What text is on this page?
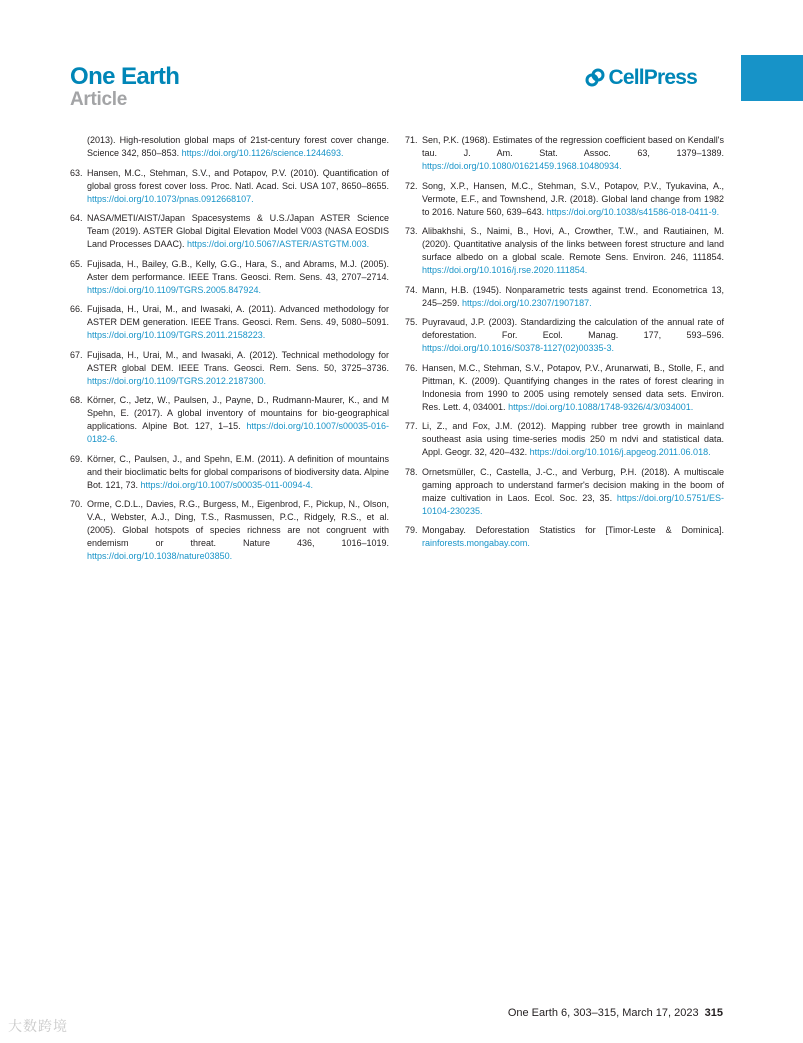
One Earth
Article
CellPress
(2013). High-resolution global maps of 21st-century forest cover change. Science 342, 850–853. https://doi.org/10.1126/science.1244693.
63. Hansen, M.C., Stehman, S.V., and Potapov, P.V. (2010). Quantification of global gross forest cover loss. Proc. Natl. Acad. Sci. USA 107, 8650–8655. https://doi.org/10.1073/pnas.0912668107.
64. NASA/METI/AIST/Japan Spacesystems & U.S./Japan ASTER Science Team (2019). ASTER Global Digital Elevation Model V003 (NASA EOSDIS Land Processes DAAC). https://doi.org/10.5067/ASTER/ASTGTM.003.
65. Fujisada, H., Bailey, G.B., Kelly, G.G., Hara, S., and Abrams, M.J. (2005). Aster dem performance. IEEE Trans. Geosci. Rem. Sens. 43, 2707–2714. https://doi.org/10.1109/TGRS.2005.847924.
66. Fujisada, H., Urai, M., and Iwasaki, A. (2011). Advanced methodology for ASTER DEM generation. IEEE Trans. Geosci. Rem. Sens. 49, 5080–5091. https://doi.org/10.1109/TGRS.2011.2158223.
67. Fujisada, H., Urai, M., and Iwasaki, A. (2012). Technical methodology for ASTER global DEM. IEEE Trans. Geosci. Rem. Sens. 50, 3725–3736. https://doi.org/10.1109/TGRS.2012.2187300.
68. Körner, C., Jetz, W., Paulsen, J., Payne, D., Rudmann-Maurer, K., and M Spehn, E. (2017). A global inventory of mountains for bio-geographical applications. Alpine Bot. 127, 1–15. https://doi.org/10.1007/s00035-016-0182-6.
69. Körner, C., Paulsen, J., and Spehn, E.M. (2011). A definition of mountains and their bioclimatic belts for global comparisons of biodiversity data. Alpine Bot. 121, 73. https://doi.org/10.1007/s00035-011-0094-4.
70. Orme, C.D.L., Davies, R.G., Burgess, M., Eigenbrod, F., Pickup, N., Olson, V.A., Webster, A.J., Ding, T.S., Rasmussen, P.C., Ridgely, R.S., et al. (2005). Global hotspots of species richness are not congruent with endemism or threat. Nature 436, 1016–1019. https://doi.org/10.1038/nature03850.
71. Sen, P.K. (1968). Estimates of the regression coefficient based on Kendall's tau. J. Am. Stat. Assoc. 63, 1379–1389. https://doi.org/10.1080/01621459.1968.10480934.
72. Song, X.P., Hansen, M.C., Stehman, S.V., Potapov, P.V., Tyukavina, A., Vermote, E.F., and Townshend, J.R. (2018). Global land change from 1982 to 2016. Nature 560, 639–643. https://doi.org/10.1038/s41586-018-0411-9.
73. Alibakhshi, S., Naimi, B., Hovi, A., Crowther, T.W., and Rautiainen, M. (2020). Quantitative analysis of the links between forest structure and land surface albedo on a global scale. Remote Sens. Environ. 246, 111854. https://doi.org/10.1016/j.rse.2020.111854.
74. Mann, H.B. (1945). Nonparametric tests against trend. Econometrica 13, 245–259. https://doi.org/10.2307/1907187.
75. Puyravaud, J.P. (2003). Standardizing the calculation of the annual rate of deforestation. For. Ecol. Manag. 177, 593–596. https://doi.org/10.1016/S0378-1127(02)00335-3.
76. Hansen, M.C., Stehman, S.V., Potapov, P.V., Arunarwati, B., Stolle, F., and Pittman, K. (2009). Quantifying changes in the rates of forest clearing in Indonesia from 1990 to 2005 using remotely sensed data sets. Environ. Res. Lett. 4, 034001. https://doi.org/10.1088/1748-9326/4/3/034001.
77. Li, Z., and Fox, J.M. (2012). Mapping rubber tree growth in mainland southeast asia using time-series modis 250 m ndvi and statistical data. Appl. Geogr. 32, 420–432. https://doi.org/10.1016/j.apgeog.2011.06.018.
78. Ornetsmüller, C., Castella, J.-C., and Verburg, P.H. (2018). A multiscale gaming approach to understand farmer's decision making in the boom of maize cultivation in Laos. Ecol. Soc. 23, 35. https://doi.org/10.5751/ES-10104-230235.
79. Mongabay. Deforestation Statistics for [Timor-Leste & Dominica]. rainforests.mongabay.com.
One Earth 6, 303–315, March 17, 2023 315
大数跨境
